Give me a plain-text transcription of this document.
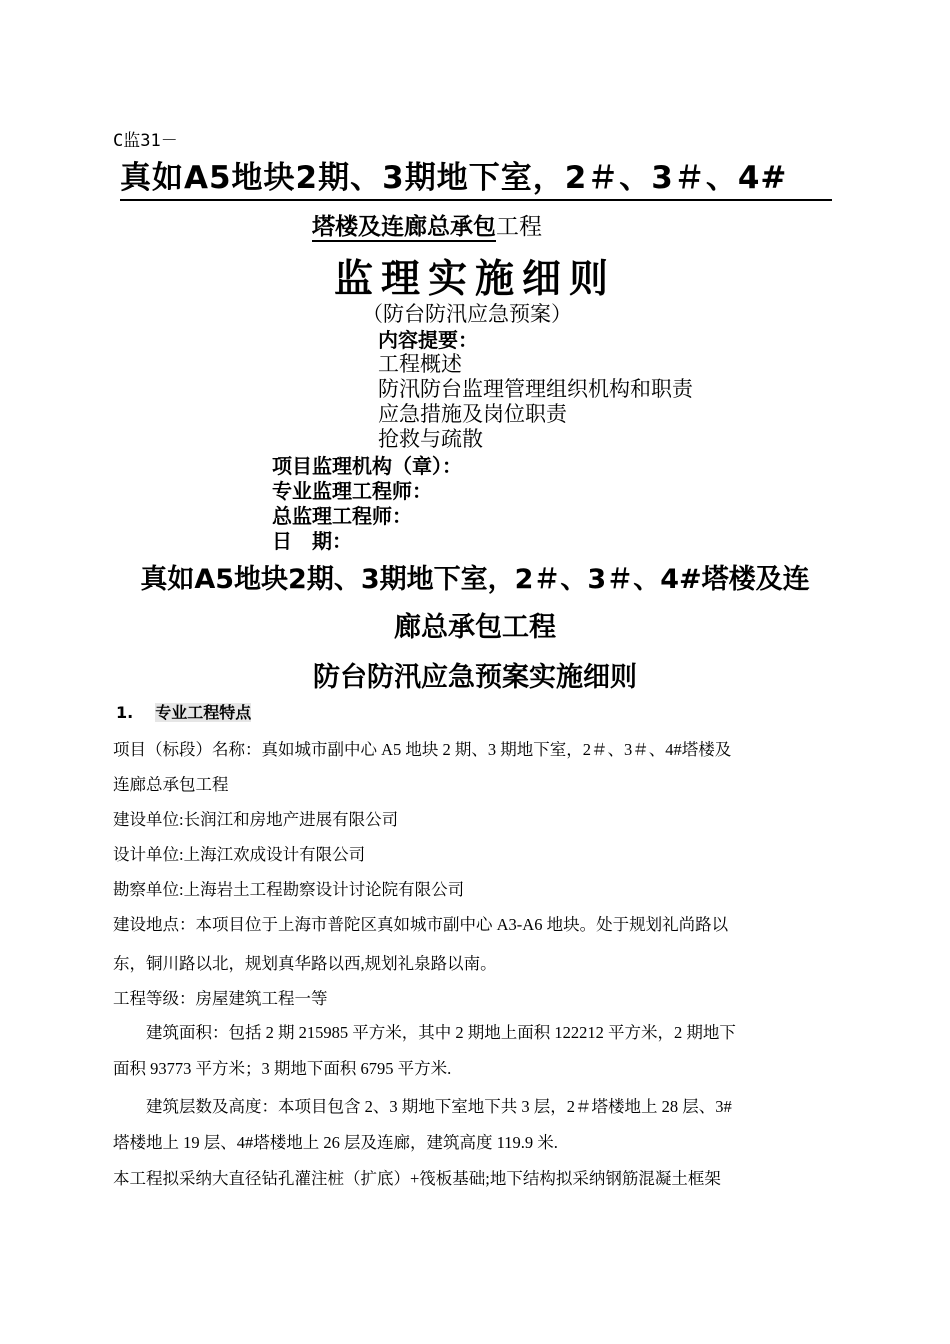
C监31－
真如A5地块2期、3期地下室，2＃、3＃、4#
塔楼及连廊总承包工程
监理实施细则
（防台防汛应急预案）
内容提要：
工程概述
防汛防台监理管理组织机构和职责
应急措施及岗位职责
抢救与疏散
项目监理机构（章）：
专业监理工程师：
总监理工程师：
日　期：
真如A5地块2期、3期地下室，2＃、3＃、4#塔楼及连
廊总承包工程
防台防汛应急预案实施细则
1. 专业工程特点
项目（标段）名称：真如城市副中心 A5 地块 2 期、3 期地下室，2＃、3＃、4#塔楼及
连廊总承包工程
建设单位:长润江和房地产进展有限公司
设计单位:上海江欢成设计有限公司
勘察单位:上海岩土工程勘察设计讨论院有限公司
建设地点：本项目位于上海市普陀区真如城市副中心 A3-A6 地块。处于规划礼尚路以
东，铜川路以北，规划真华路以西,规划礼泉路以南。
工程等级：房屋建筑工程一等
　　建筑面积：包括 2 期 215985 平方米，其中 2 期地上面积 122212 平方米，2 期地下
面积 93773 平方米；3 期地下面积 6795 平方米.
　　建筑层数及高度：本项目包含 2、3 期地下室地下共 3 层，2＃塔楼地上 28 层、3#
塔楼地上 19 层、4#塔楼地上 26 层及连廊，建筑高度 119.9 米.
本工程拟采纳大直径钻孔灌注桩（扩底）+筏板基础;地下结构拟采纳钢筋混凝土框架
